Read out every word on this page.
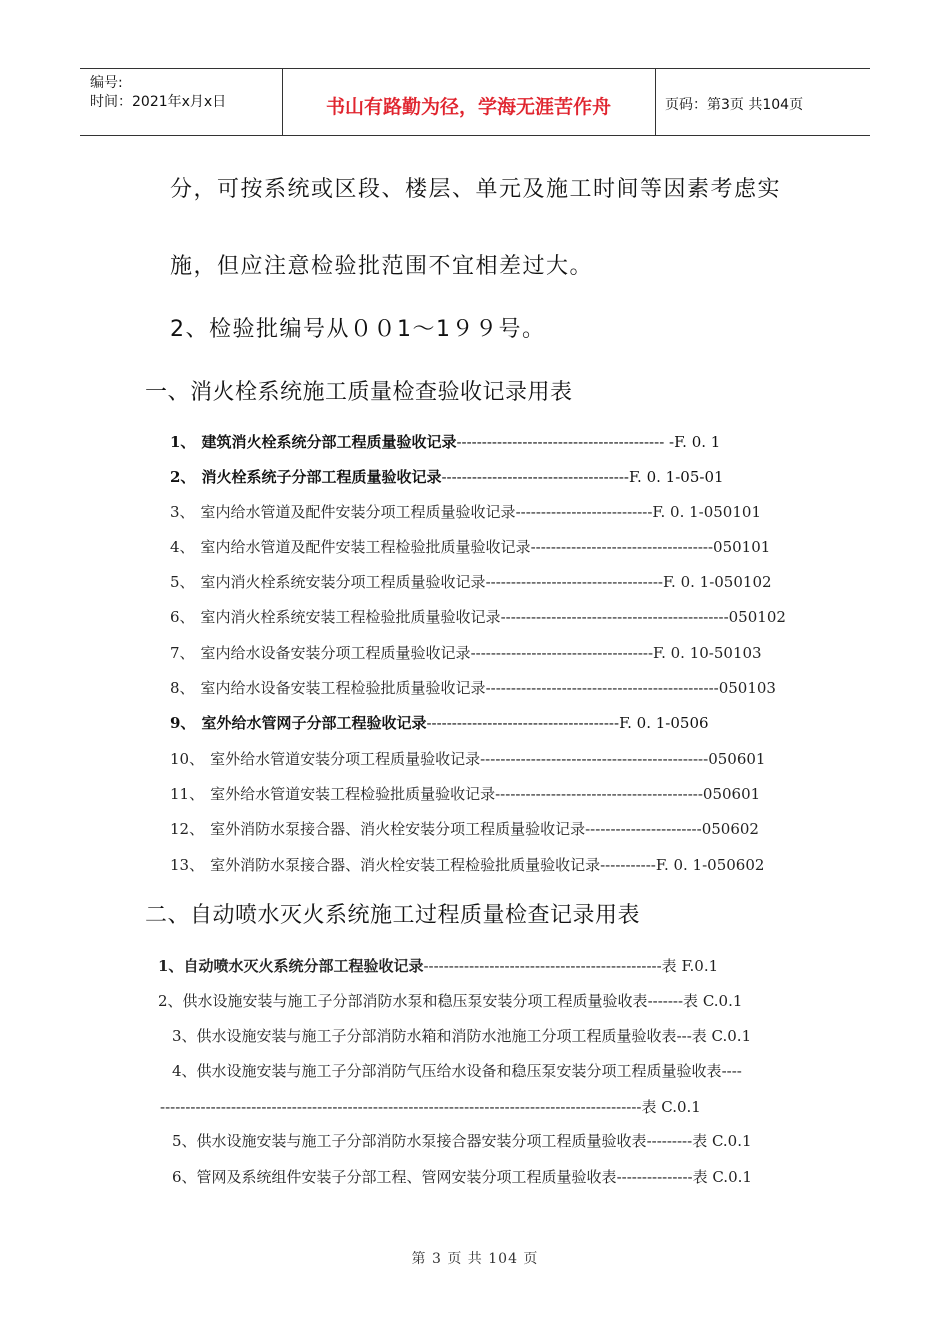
编号:
时间：2021年x月x日	书山有路勤为径，学海无涯苦作舟	页码：第3页 共104页
分，可按系统或区段、楼层、单元及施工时间等因素考虑实
施，但应注意检验批范围不宜相差过大。
2、检验批编号从００1～1９９号。
一、消火栓系统施工质量检查验收记录用表
1、 建筑消火栓系统分部工程质量验收记录----------------------------------------- -F. 0. 1
2、 消火栓系统子分部工程质量验收记录-------------------------------------F. 0. 1-05-01
3、 室内给水管道及配件安装分项工程质量验收记录---------------------------F. 0. 1-050101
4、 室内给水管道及配件安装工程检验批质量验收记录------------------------------------050101
5、 室内消火栓系统安装分项工程质量验收记录-----------------------------------F. 0. 1-050102
6、 室内消火栓系统安装工程检验批质量验收记录---------------------------------------------050102
7、 室内给水设备安装分项工程质量验收记录------------------------------------F. 0. 10-50103
8、 室内给水设备安装工程检验批质量验收记录----------------------------------------------050103
9、 室外给水管网子分部工程验收记录--------------------------------------F. 0. 1-0506
10、 室外给水管道安装分项工程质量验收记录---------------------------------------------050601
11、 室外给水管道安装工程检验批质量验收记录-----------------------------------------050601
12、 室外消防水泵接合器、消火栓安装分项工程质量验收记录-----------------------050602
13、 室外消防水泵接合器、消火栓安装工程检验批质量验收记录-----------F. 0. 1-050602
二、自动喷水灭火系统施工过程质量检查记录用表
1、自动喷水灭火系统分部工程验收记录-----------------------------------------------表 F.0.1
2、供水设施安装与施工子分部消防水泵和稳压泵安装分项工程质量验收表-------表 C.0.1
3、供水设施安装与施工子分部消防水箱和消防水池施工分项工程质量验收表---表 C.0.1
4、供水设施安装与施工子分部消防气压给水设备和稳压泵安装分项工程质量验收表----
-----------------------------------------------------------------------------------------------表 C.0.1
5、供水设施安装与施工子分部消防水泵接合器安装分项工程质量验收表---------表 C.0.1
6、管网及系统组件安装子分部工程、管网安装分项工程质量验收表---------------表 C.0.1
第 3 页 共 104 页
